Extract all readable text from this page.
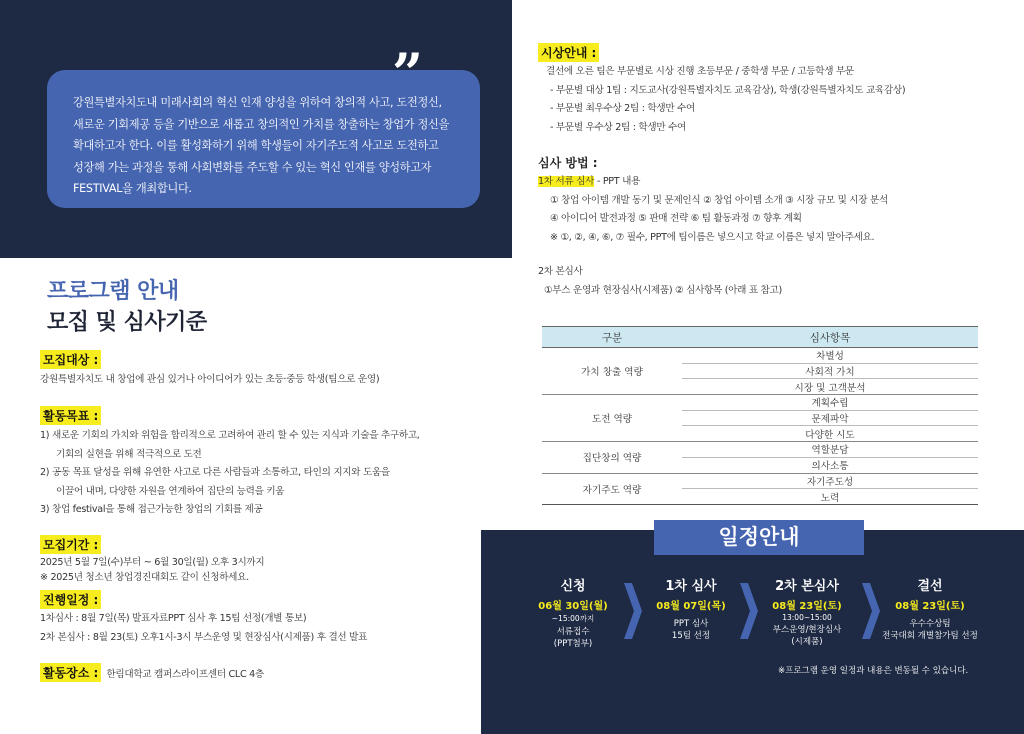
강원특별자치도내 미래사회의 혁신 인재 양성을 위하여 창의적 사고, 도전정신,
새로운 기회제공 등을 기반으로 새롭고 창의적인 가치를 창출하는 창업가 정신을
확대하고자 한다. 이를 활성화하기 위해 학생들이 자기주도적 사고로 도전하고
성장해 가는 과정을 통해 사회변화를 주도할 수 있는 혁신 인재를 양성하고자
FESTIVAL을 개최합니다.
”
프로그램 안내
모집 및 심사기준
모집대상 :
강원특별자치도 내 창업에 관심 있거나 아이디어가 있는 초등·중등 학생(팀으로 운영)
활동목표 :
1) 새로운 기회의 가치와 위험을 합리적으로 고려하여 관리 할 수 있는 지식과 기술을 추구하고,
기회의 실현을 위해 적극적으로 도전
2) 공동 목표 달성을 위해 유연한 사고로 다른 사람들과 소통하고, 타인의 지지와 도움을
이끌어 내며, 다양한 자원을 연계하여 집단의 능력을 키움
3) 창업 festival을 통해 접근가능한 창업의 기회를 제공
모집기간 :
2025년 5월 7일(수)부터 ~ 6월 30일(월) 오후 3시까지
※ 2025년 청소년 창업경진대회도 같이 신청하세요.
진행일정 :
1차심사 : 8월 7일(목) 발표자료PPT 심사 후 15팀 선정(개별 통보)
2차 본심사 : 8월 23(토) 오후1시-3시 부스운영 및 현장심사(시제품) 후 결선 발표
활동장소 : 한림대학교 캠퍼스라이프센터 CLC 4층
시상안내 :
결선에 오른 팀은 부문별로 시상 진행 초등부문 / 중학생 부문 / 고등학생 부문
- 부문별 대상 1팀 : 지도교사(강원특별자치도 교육감상), 학생(강원특별자치도 교육감상)
- 부문별 최우수상 2팀 : 학생만 수여
- 부문별 우수상 2팀 : 학생만 수여
심사 방법 :
1차 서류 심사 - PPT 내용
① 창업 아이템 개발 동기 및 문제인식 ② 창업 아이템 소개 ③ 시장 규모 및 시장 분석
④ 아이디어 발전과정 ⑤ 판매 전략 ⑥ 팀 활동과정 ⑦ 향후 계획
※ ①, ②, ④, ⑥, ⑦ 필수, PPT에 팀이름은 넣으시고 학교 이름은 넣지 말아주세요.
2차 본심사
①부스 운영과 현장심사(시제품) ② 심사항목 (아래 표 참고)
구분	심사항목
가치 창출 역량	차별성
	사회적 가치
	시장 및 고객분석
도전 역량	계획수립
	문제파악
	다양한 시도
집단창의 역량	역할분담
	의사소통
자기주도 역량	자기주도성
	노력
일정안내
신청
06월 30일(월)
~15:00까지
서류접수
(PPT첨부)
1차 심사
08월 07일(목)
PPT 심사
15팀 선정
2차 본심사
08월 23일(토)
13:00~15:00
부스운영/현장심사
(시제품)
결선
08월 23일(토)
우수수상팀
전국대회 개별참가팀 선정
※프로그램 운영 일정과 내용은 변동될 수 있습니다.
